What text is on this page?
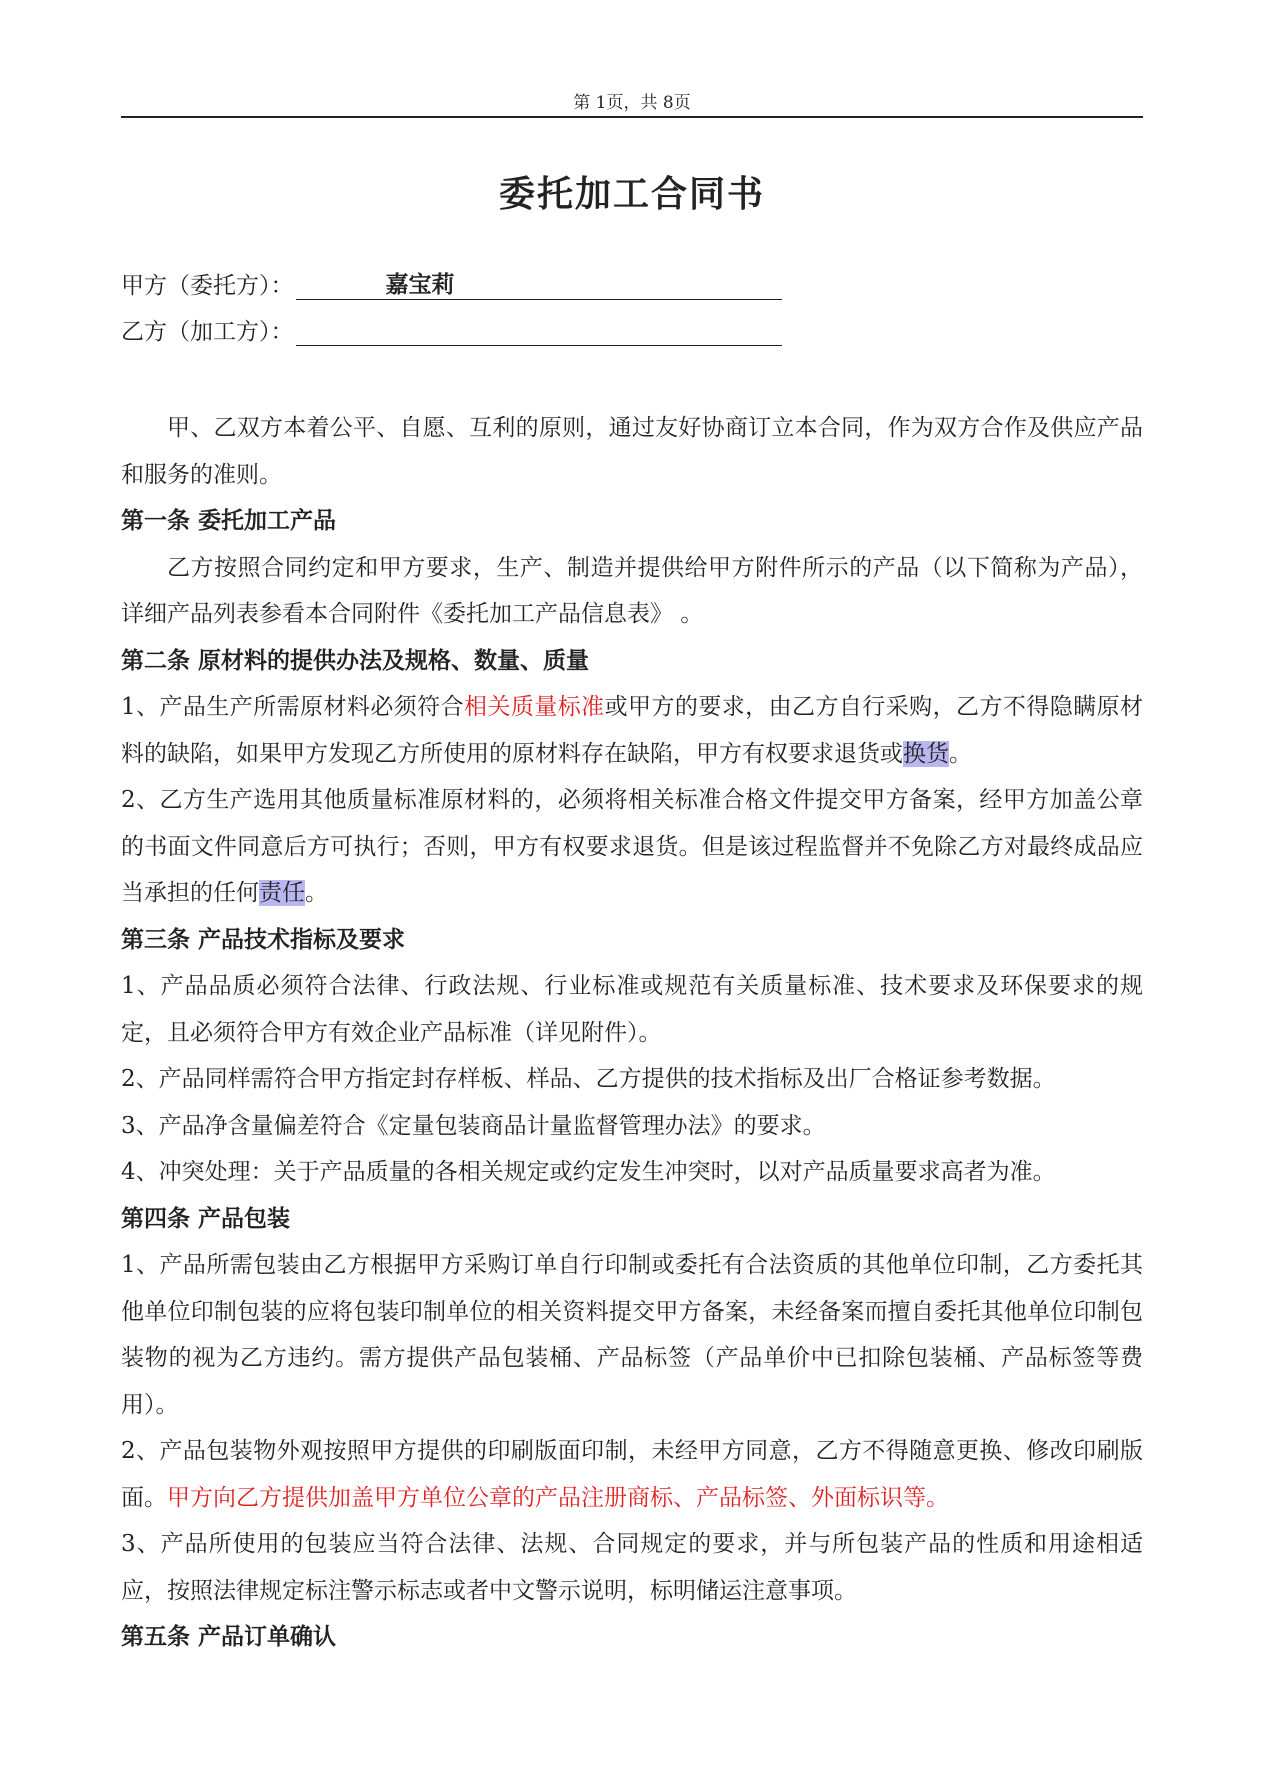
第 1页，共 8页
委托加工合同书
甲方（委托方）：	嘉宝莉
乙方（加工方）：

甲、乙双方本着公平、自愿、互利的原则，通过友好协商订立本合同，作为双方合作及供应产品和服务的准则。

第一条 委托加工产品

乙方按照合同约定和甲方要求，生产、制造并提供给甲方附件所示的产品（以下简称为产品），详细产品列表参看本合同附件《委托加工产品信息表》 。

第二条 原材料的提供办法及规格、数量、质量

1、产品生产所需原材料必须符合相关质量标准或甲方的要求，由乙方自行采购，乙方不得隐瞒原材料的缺陷，如果甲方发现乙方所使用的原材料存在缺陷，甲方有权要求退货或换货。

2、乙方生产选用其他质量标准原材料的，必须将相关标准合格文件提交甲方备案，经甲方加盖公章的书面文件同意后方可执行；否则，甲方有权要求退货。但是该过程监督并不免除乙方对最终成品应当承担的任何责任。

第三条 产品技术指标及要求

1、产品品质必须符合法律、行政法规、行业标准或规范有关质量标准、技术要求及环保要求的规定，且必须符合甲方有效企业产品标准（详见附件）。

2、产品同样需符合甲方指定封存样板、样品、乙方提供的技术指标及出厂合格证参考数据。

3、产品净含量偏差符合《定量包装商品计量监督管理办法》的要求。

4、冲突处理：关于产品质量的各相关规定或约定发生冲突时，以对产品质量要求高者为准。

第四条 产品包装

1、产品所需包装由乙方根据甲方采购订单自行印制或委托有合法资质的其他单位印制，乙方委托其他单位印制包装的应将包装印制单位的相关资料提交甲方备案，未经备案而擅自委托其他单位印制包装物的视为乙方违约。需方提供产品包装桶、产品标签（产品单价中已扣除包装桶、产品标签等费用）。

2、产品包装物外观按照甲方提供的印刷版面印制，未经甲方同意，乙方不得随意更换、修改印刷版面。甲方向乙方提供加盖甲方单位公章的产品注册商标、产品标签、外面标识等。

3、产品所使用的包装应当符合法律、法规、合同规定的要求，并与所包装产品的性质和用途相适应，按照法律规定标注警示标志或者中文警示说明，标明储运注意事项。

第五条 产品订单确认
